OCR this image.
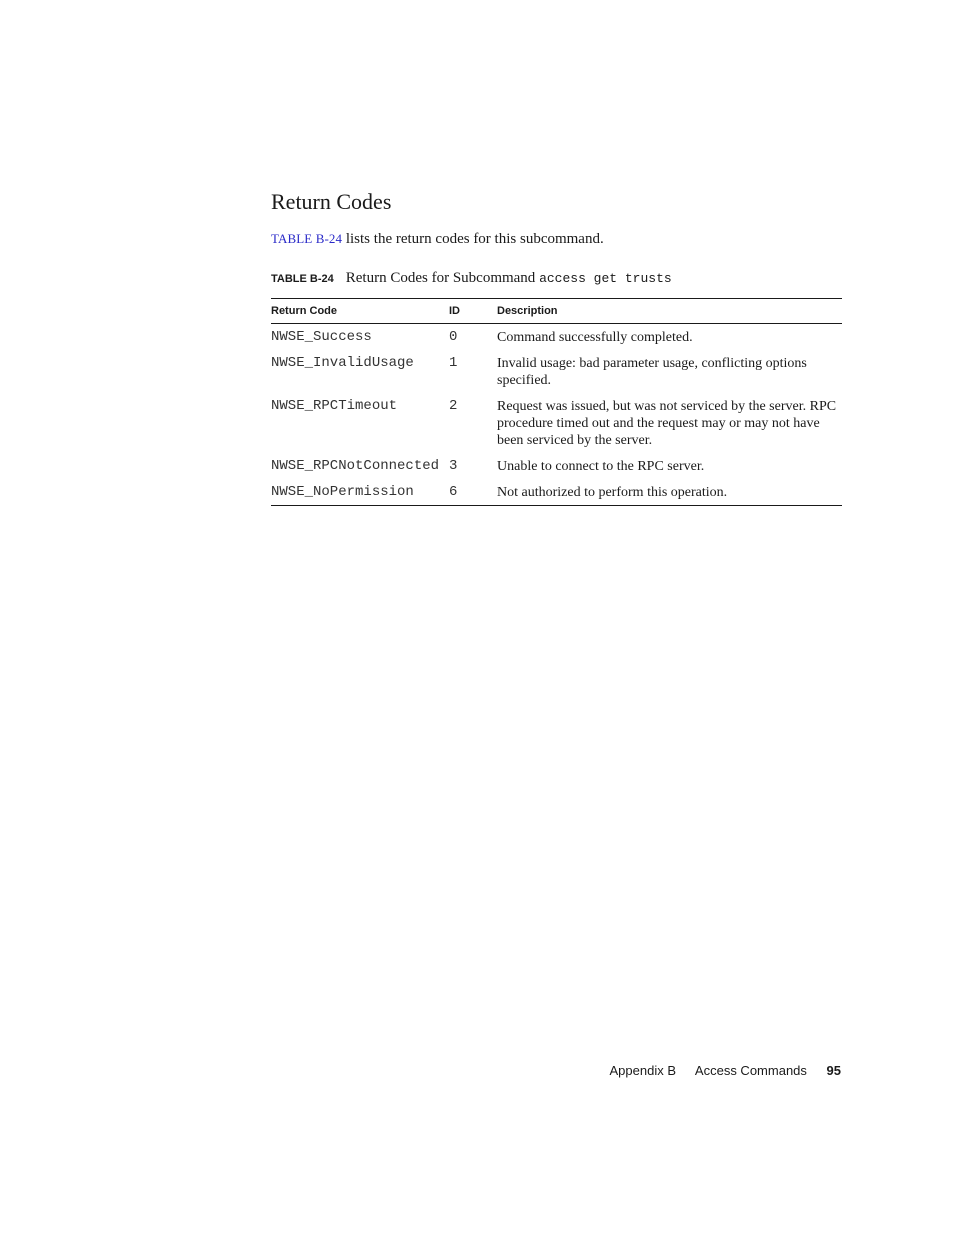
Return Codes

TABLE B-24 lists the return codes for this subcommand.

TABLE B-24 Return Codes for Subcommand access get trusts
Return Code	ID	Description
NWSE_Success	0	Command successfully completed.
NWSE_InvalidUsage	1	Invalid usage: bad parameter usage, conflicting options specified.
NWSE_RPCTimeout	2	Request was issued, but was not serviced by the server. RPC procedure timed out and the request may or may not have been serviced by the server.
NWSE_RPCNotConnected	3	Unable to connect to the RPC server.
NWSE_NoPermission	6	Not authorized to perform this operation.
Appendix B Access Commands 95
